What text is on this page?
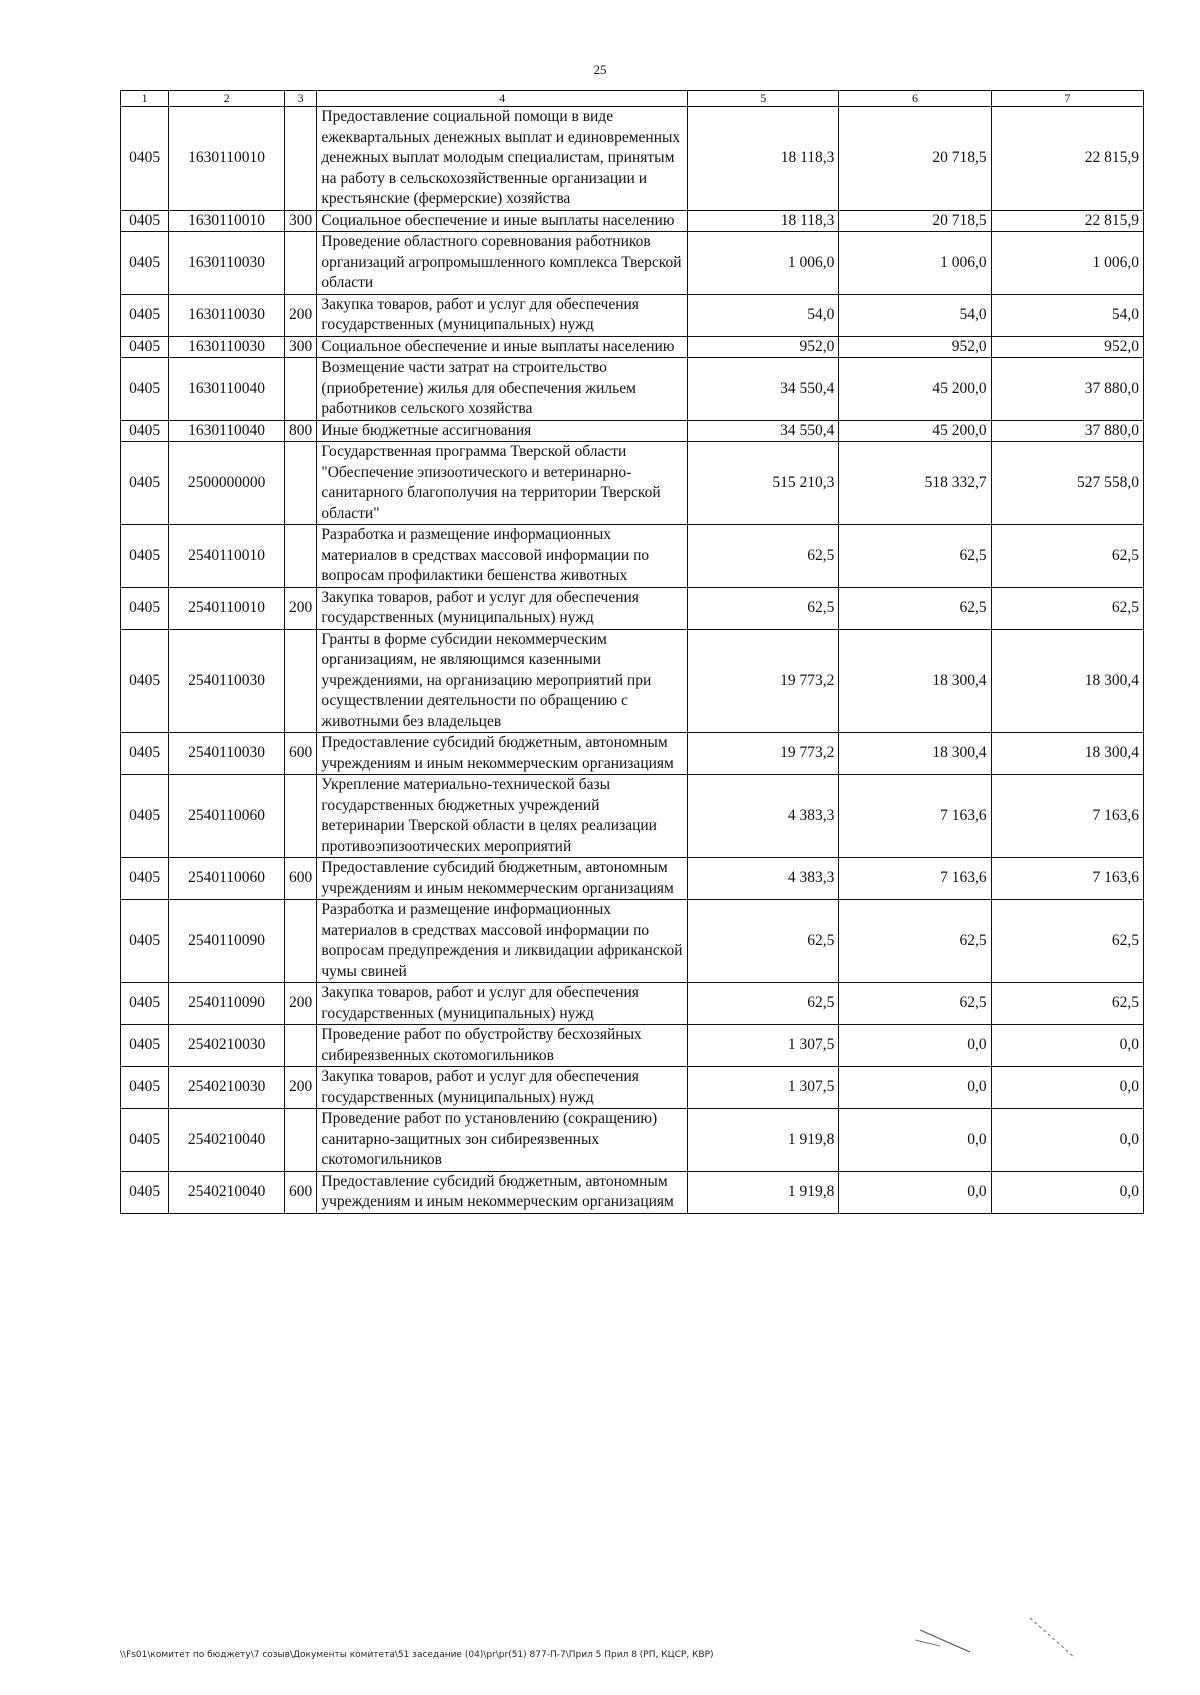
25
1	2	3	4	5	6	7
0405	1630110010		Предоставление социальной помощи в виде ежеквартальных денежных выплат и единовременных денежных выплат молодым специалистам, принятым на работу в сельскохозяйственные организации и крестьянские (фермерские) хозяйства	18 118,3	20 718,5	22 815,9
0405	1630110010	300	Социальное обеспечение и иные выплаты населению	18 118,3	20 718,5	22 815,9
0405	1630110030		Проведение областного соревнования работников организаций агропромышленного комплекса Тверской области	1 006,0	1 006,0	1 006,0
0405	1630110030	200	Закупка товаров, работ и услуг для обеспечения государственных (муниципальных) нужд	54,0	54,0	54,0
0405	1630110030	300	Социальное обеспечение и иные выплаты населению	952,0	952,0	952,0
0405	1630110040		Возмещение части затрат на строительство (приобретение) жилья для обеспечения жильем работников сельского хозяйства	34 550,4	45 200,0	37 880,0
0405	1630110040	800	Иные бюджетные ассигнования	34 550,4	45 200,0	37 880,0
0405	2500000000		Государственная программа Тверской области "Обеспечение эпизоотического и ветеринарно-санитарного благополучия на территории Тверской области"	515 210,3	518 332,7	527 558,0
0405	2540110010		Разработка и размещение информационных материалов в средствах массовой информации по вопросам профилактики бешенства животных	62,5	62,5	62,5
0405	2540110010	200	Закупка товаров, работ и услуг для обеспечения государственных (муниципальных) нужд	62,5	62,5	62,5
0405	2540110030		Гранты в форме субсидии некоммерческим организациям, не являющимся казенными учреждениями, на организацию мероприятий при осуществлении деятельности по обращению с животными без владельцев	19 773,2	18 300,4	18 300,4
0405	2540110030	600	Предоставление субсидий бюджетным, автономным учреждениям и иным некоммерческим организациям	19 773,2	18 300,4	18 300,4
0405	2540110060		Укрепление материально-технической базы государственных бюджетных учреждений ветеринарии Тверской области в целях реализации противоэпизоотических мероприятий	4 383,3	7 163,6	7 163,6
0405	2540110060	600	Предоставление субсидий бюджетным, автономным учреждениям и иным некоммерческим организациям	4 383,3	7 163,6	7 163,6
0405	2540110090		Разработка и размещение информационных материалов в средствах массовой информации по вопросам предупреждения и ликвидации африканской чумы свиней	62,5	62,5	62,5
0405	2540110090	200	Закупка товаров, работ и услуг для обеспечения государственных (муниципальных) нужд	62,5	62,5	62,5
0405	2540210030		Проведение работ по обустройству бесхозяйных сибиреязвенных скотомогильников	1 307,5	0,0	0,0
0405	2540210030	200	Закупка товаров, работ и услуг для обеспечения государственных (муниципальных) нужд	1 307,5	0,0	0,0
0405	2540210040		Проведение работ по установлению (сокращению) санитарно-защитных зон сибиреязвенных скотомогильников	1 919,8	0,0	0,0
0405	2540210040	600	Предоставление субсидий бюджетным, автономным учреждениям и иным некоммерческим организациям	1 919,8	0,0	0,0
\\Fs01\комитет по бюджету\7 созыв\Документы комитета\51 заседание (04)\pr\pr(51) 877-П-7\Прил 5 Прил 8 (РП, КЦСР, КВР)
